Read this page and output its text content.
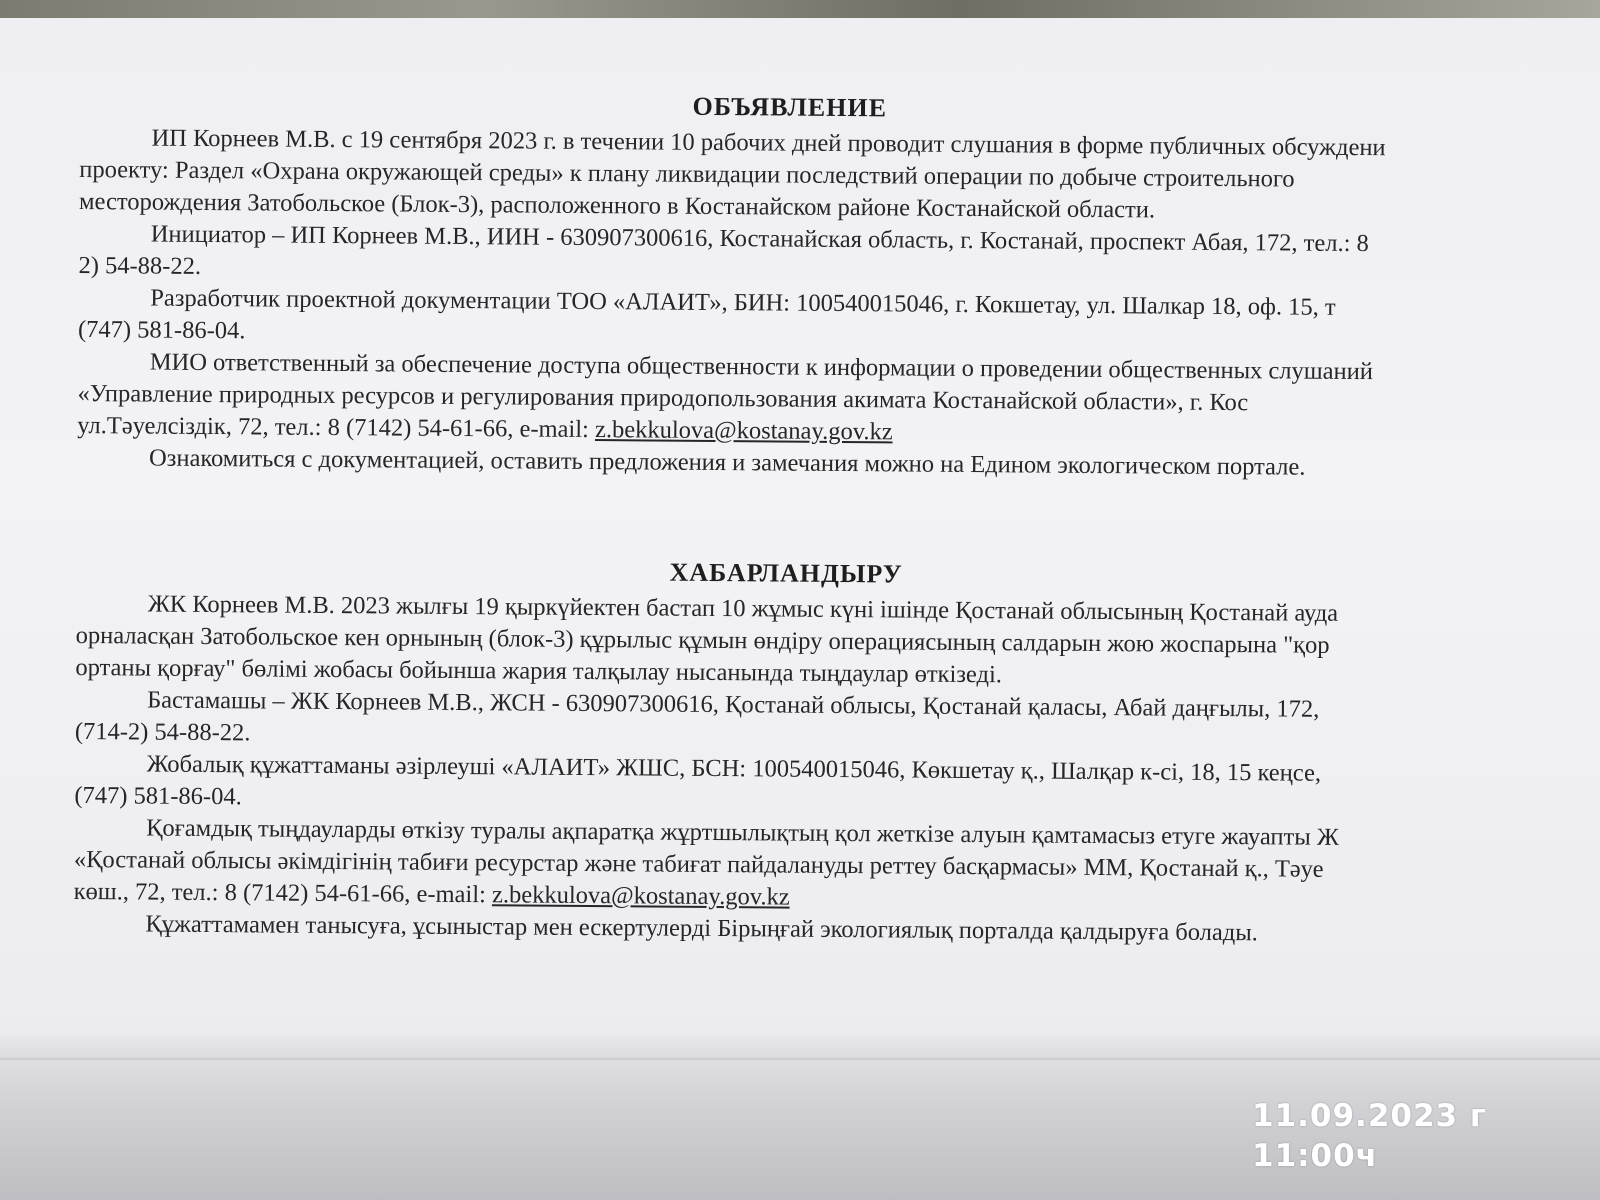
ОБЪЯВЛЕНИЕ

ИП Корнеев М.В. с 19 сентября 2023 г. в течении 10 рабочих дней проводит слушания в форме публичных обсуждени

проекту: Раздел «Охрана окружающей среды» к плану ликвидации последствий операции по добыче строительного

месторождения Затобольское (Блок-3), расположенного в Костанайском районе Костанайской области.

Инициатор – ИП Корнеев М.В., ИИН - 630907300616, Костанайская область, г. Костанай, проспект Абая, 172, тел.: 8

2) 54-88-22.

Разработчик проектной документации ТОО «АЛАИТ», БИН: 100540015046, г. Кокшетау, ул. Шалкар 18, оф. 15, т

(747) 581-86-04.

МИО ответственный за обеспечение доступа общественности к информации о проведении общественных слушаний

«Управление природных ресурсов и регулирования природопользования акимата Костанайской области», г. Кос

ул.Тәуелсіздік, 72, тел.: 8 (7142) 54-61-66, e-mail: z.bekkulova@kostanay.gov.kz

Ознакомиться с документацией, оставить предложения и замечания можно на Едином экологическом портале.

ХАБАРЛАНДЫРУ

ЖК Корнеев М.В. 2023 жылғы 19 қыркүйектен бастап 10 жұмыс күні ішінде Қостанай облысының Қостанай ауда

орналасқан Затобольское кен орнының (блок-3) құрылыс құмын өндіру операциясының салдарын жою жоспарына "қор

ортаны қорғау" бөлімі жобасы бойынша жария талқылау нысанында тыңдаулар өткізеді.

Бастамашы – ЖК Корнеев М.В., ЖСН - 630907300616, Қостанай облысы, Қостанай қаласы, Абай даңғылы, 172,

(714-2) 54-88-22.

Жобалық құжаттаманы әзірлеуші «АЛАИТ» ЖШС, БСН: 100540015046, Көкшетау қ., Шалқар к-сі, 18, 15 кеңсе,

(747) 581-86-04.

Қоғамдық тыңдауларды өткізу туралы ақпаратқа жұртшылықтың қол жеткізе алуын қамтамасыз етуге жауапты Ж

«Қостанай облысы әкімдігінің табиғи ресурстар және табиғат пайдалануды реттеу басқармасы» ММ, Қостанай қ., Тәуе

көш., 72, тел.: 8 (7142) 54-61-66, e-mail: z.bekkulova@kostanay.gov.kz

Құжаттамамен танысуға, ұсыныстар мен ескертулерді Бірыңғай экологиялық порталда қалдыруға болады.

11.09.2023 г
11:00ч
